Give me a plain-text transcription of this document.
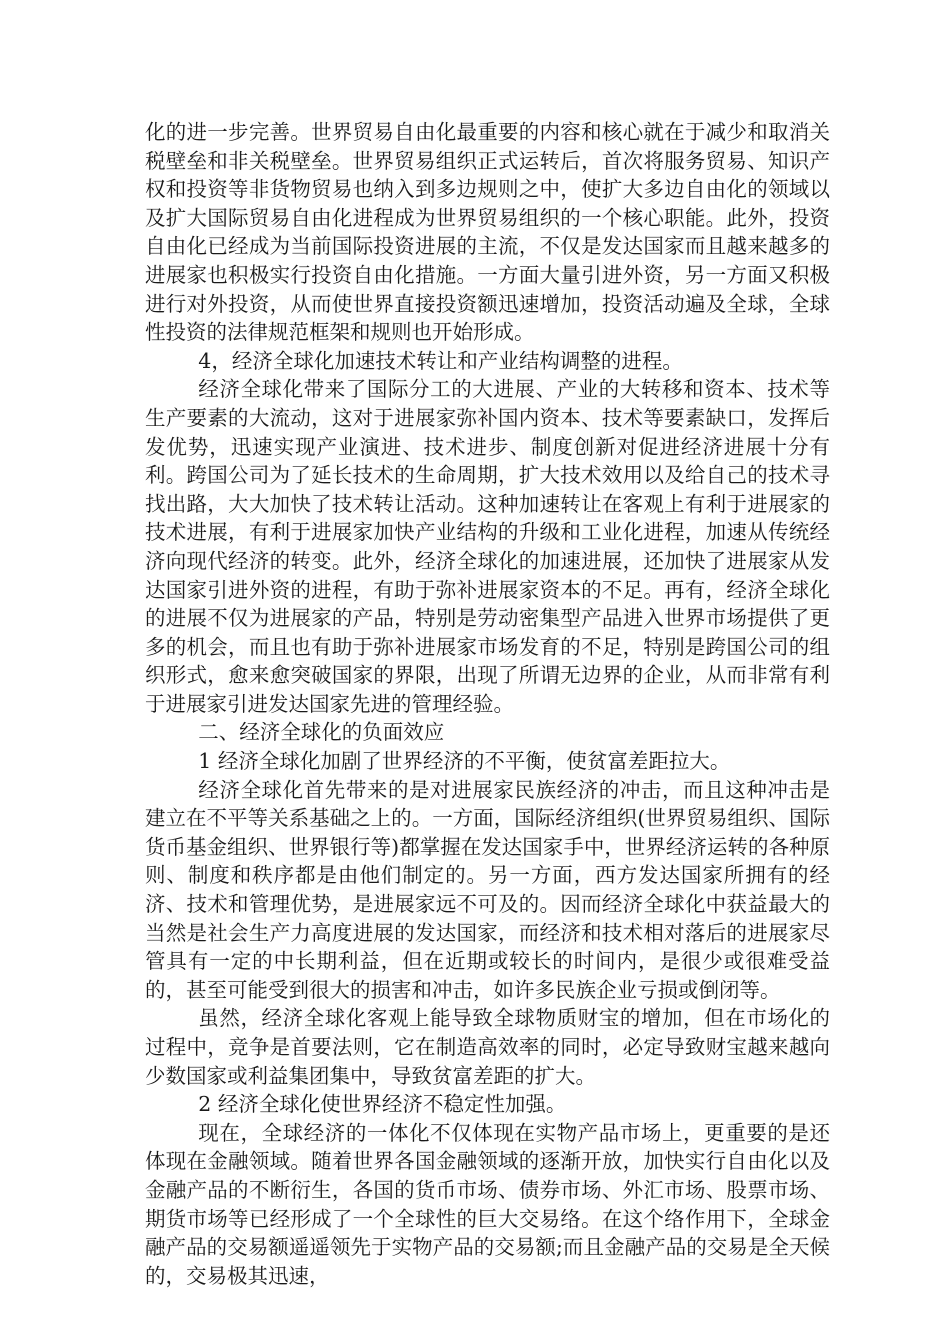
化的进一步完善。世界贸易自由化最重要的内容和核心就在于减少和取消关税壁垒和非关税壁垒。世界贸易组织正式运转后，首次将服务贸易、知识产权和投资等非货物贸易也纳入到多边规则之中，使扩大多边自由化的领域以及扩大国际贸易自由化进程成为世界贸易组织的一个核心职能。此外，投资自由化已经成为当前国际投资进展的主流，不仅是发达国家而且越来越多的进展家也积极实行投资自由化措施。一方面大量引进外资，另一方面又积极进行对外投资，从而使世界直接投资额迅速增加，投资活动遍及全球，全球性投资的法律规范框架和规则也开始形成。

4，经济全球化加速技术转让和产业结构调整的进程。

经济全球化带来了国际分工的大进展、产业的大转移和资本、技术等生产要素的大流动，这对于进展家弥补国内资本、技术等要素缺口，发挥后发优势，迅速实现产业演进、技术进步、制度创新对促进经济进展十分有利。跨国公司为了延长技术的生命周期，扩大技术效用以及给自己的技术寻找出路，大大加快了技术转让活动。这种加速转让在客观上有利于进展家的技术进展，有利于进展家加快产业结构的升级和工业化进程，加速从传统经济向现代经济的转变。此外，经济全球化的加速进展，还加快了进展家从发达国家引进外资的进程，有助于弥补进展家资本的不足。再有，经济全球化的进展不仅为进展家的产品，特别是劳动密集型产品进入世界市场提供了更多的机会，而且也有助于弥补进展家市场发育的不足，特别是跨国公司的组织形式，愈来愈突破国家的界限，出现了所谓无边界的企业，从而非常有利于进展家引进发达国家先进的管理经验。

二、经济全球化的负面效应

1 经济全球化加剧了世界经济的不平衡，使贫富差距拉大。

经济全球化首先带来的是对进展家民族经济的冲击，而且这种冲击是建立在不平等关系基础之上的。一方面，国际经济组织(世界贸易组织、国际货币基金组织、世界银行等)都掌握在发达国家手中，世界经济运转的各种原则、制度和秩序都是由他们制定的。另一方面，西方发达国家所拥有的经济、技术和管理优势，是进展家远不可及的。因而经济全球化中获益最大的当然是社会生产力高度进展的发达国家，而经济和技术相对落后的进展家尽管具有一定的中长期利益，但在近期或较长的时间内，是很少或很难受益的，甚至可能受到很大的损害和冲击，如许多民族企业亏损或倒闭等。

虽然，经济全球化客观上能导致全球物质财宝的增加，但在市场化的过程中，竞争是首要法则，它在制造高效率的同时，必定导致财宝越来越向少数国家或利益集团集中，导致贫富差距的扩大。

2 经济全球化使世界经济不稳定性加强。

现在，全球经济的一体化不仅体现在实物产品市场上，更重要的是还体现在金融领域。随着世界各国金融领域的逐渐开放，加快实行自由化以及金融产品的不断衍生，各国的货币市场、债券市场、外汇市场、股票市场、期货市场等已经形成了一个全球性的巨大交易络。在这个络作用下，全球金融产品的交易额遥遥领先于实物产品的交易额;而且金融产品的交易是全天候的，交易极其迅速，
